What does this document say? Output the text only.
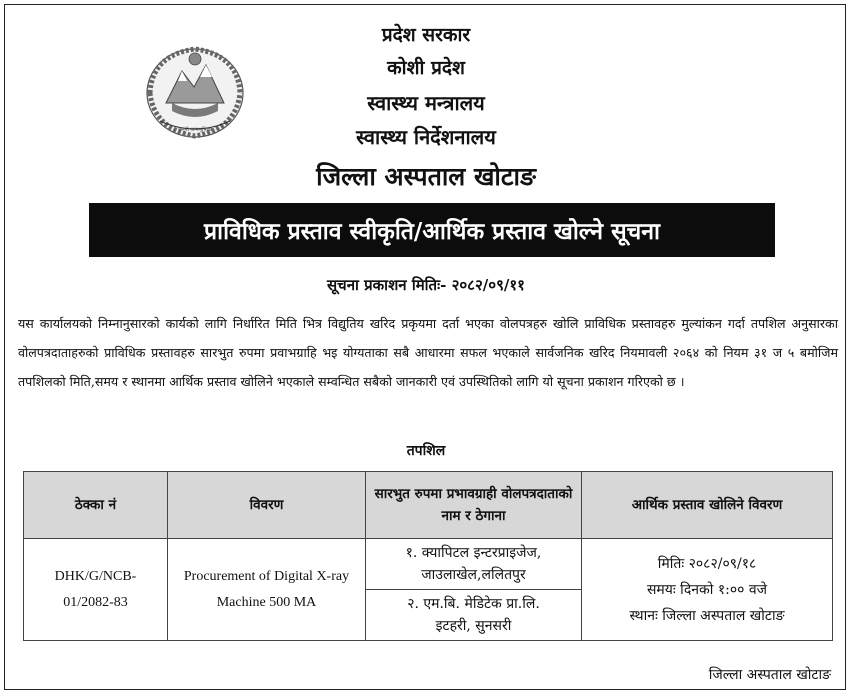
जननी जन्मभूमिश्च
प्रदेश सरकार
कोशी प्रदेश
स्वास्थ्य मन्त्रालय
स्वास्थ्य निर्देशनालय
जिल्ला अस्पताल खोटाङ
प्राविधिक प्रस्ताव स्वीकृति/आर्थिक प्रस्ताव खोल्ने सूचना
सूचना प्रकाशन मितिः- २०८२/०९/११
यस कार्यालयको निम्नानुसारको कार्यको लागि निर्धारित मिति भित्र विद्युतिय खरिद प्रकृयमा दर्ता भएका वोलपत्रहरु खोलि प्राविधिक प्रस्तावहरु मुल्यांकन गर्दा तपशिल अनुसारका वोलपत्रदाताहरुको प्राविधिक प्रस्तावहरु सारभुत रुपमा प्रवाभग्राहि भइ योग्यताका सबै आधारमा सफल भएकाले सार्वजनिक खरिद नियमावली २०६४ को नियम ३१ ज ५ बमोजिम तपशिलको मिति,समय र स्थानमा आर्थिक प्रस्ताव खोलिने भएकाले सम्वन्धित सबैको जानकारी एवं उपस्थितिको लागि यो सूचना प्रकाशन गरिएको छ ।
तपशिल
ठेक्का नं	विवरण	सारभुत रुपमा प्रभावग्राही वोलपत्रदाताको नाम र ठेगाना	आर्थिक प्रस्ताव खोलिने विवरण
DHK/G/NCB-01/2082-83	Procurement of Digital X-ray Machine 500 MA	१. क्यापिटल इन्टरप्राइजेज, जाउलाखेल,ललितपुर	मितिः २०८२/०९/१८
समयः दिनको १:०० वजे
स्थानः जिल्ला अस्पताल खोटाङ

		२. एम.बि. मेडिटेक प्रा.लि. इटहरी, सुनसरी	
जिल्ला अस्पताल खोटाङ
